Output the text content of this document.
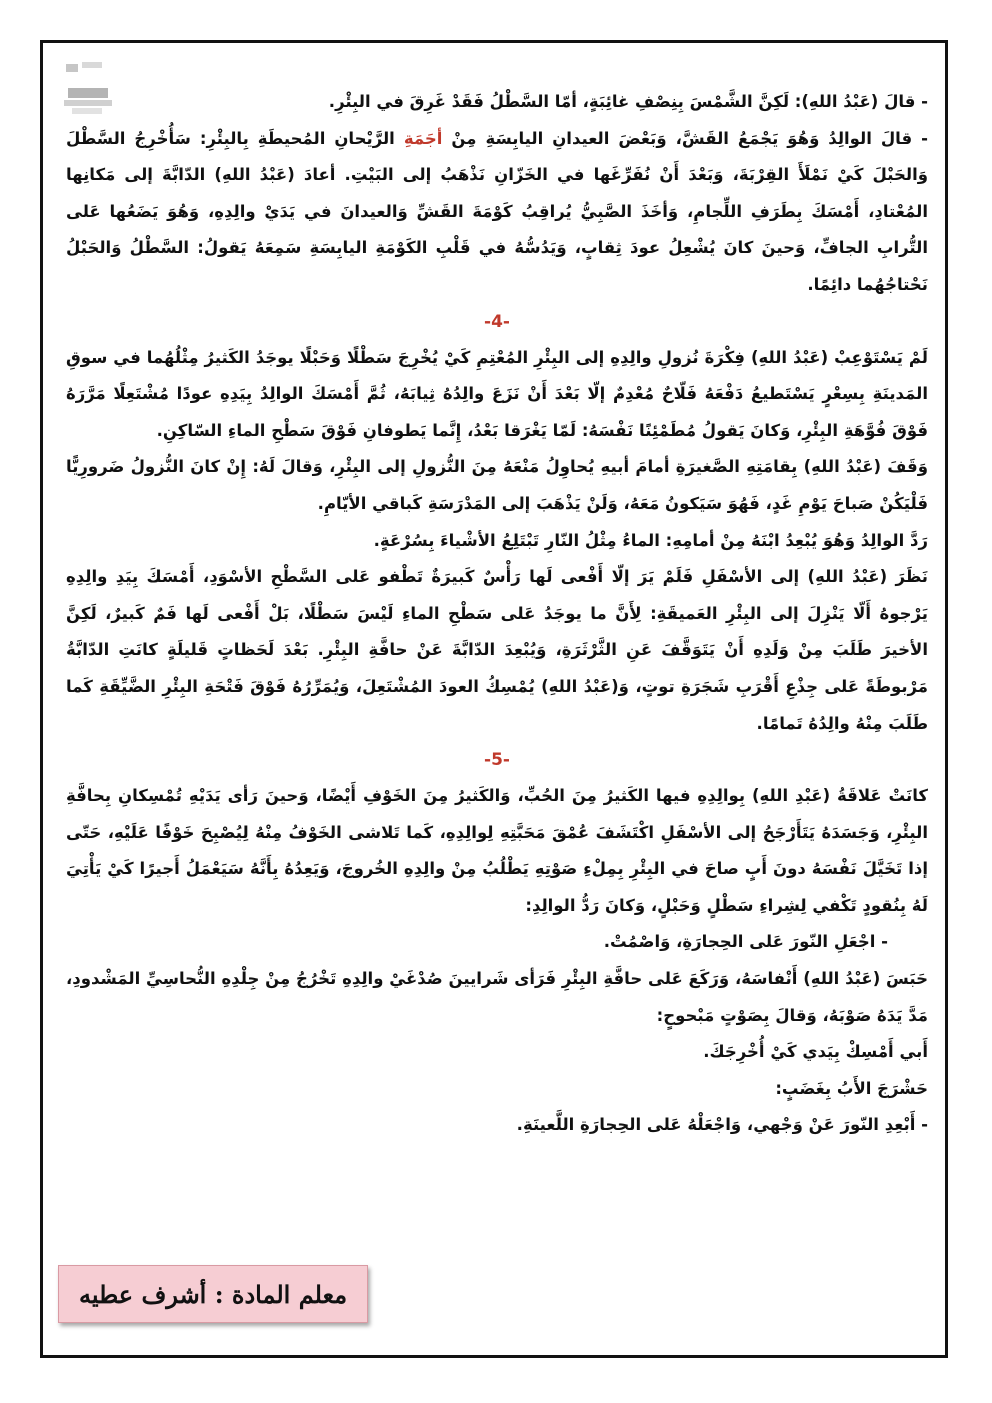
- قالَ (عَبْدُ اللهِ): لَكِنَّ الشَّمْسَ بِنِصْفِ غائِبَةٍ، أمّا السَّطْلُ فَقَدْ غَرِقَ في البِئْرِ.

- قالَ الوالِدُ وَهُوَ يَجْمَعُ القَشَّ، وَبَعْضَ العيدانِ اليابِسَةِ مِنْ أجَمَةِ الرَّيْحانِ المُحيطَةِ بِالبِئْرِ: سَأُخْرِجُ السَّطْلَ وَالحَبْلَ كَيْ نَمْلَأَ القِرْبَةَ، وَبَعْدَ أَنْ نُفَرِّغَها في الخَزّانِ نَذْهَبُ إلى البَيْتِ. أعادَ (عَبْدُ اللهِ) الدّابَّةَ إلى مَكانِها المُعْتادِ، أَمْسَكَ بِطَرَفِ اللِّجامِ، وَأخَذَ الصَّبِيُّ يُراقِبُ كَوْمَةَ القَشِّ وَالعيدانَ في يَدَيْ والِدِهِ، وَهُوَ يَضَعُها عَلى التُّرابِ الجافِّ، وَحينَ كانَ يُشْعِلُ عودَ ثِقابٍ، وَيَدُسُّهُ في قَلْبِ الكَوْمَةِ اليابِسَةِ سَمِعَهُ يَقولُ: السَّطْلُ وَالحَبْلُ نَحْتاجُهُما دائِمًا.

-4-

لَمْ يَسْتَوْعِبْ (عَبْدُ اللهِ) فِكْرَةَ نُزولِ والِدِهِ إلى البِئْرِ المُعْتِمِ كَيْ يُخْرِجَ سَطْلًا وَحَبْلًا يوجَدُ الكَثيرُ مِثْلُهُما في سوقِ المَدينَةِ بِسِعْرٍ يَسْتَطيعُ دَفْعَهُ فَلّاحٌ مُعْدِمٌ إلّا بَعْدَ أَنْ نَزَعَ والِدُهُ ثِيابَهُ، ثُمَّ أَمْسَكَ الوالِدُ بِيَدِهِ عودًا مُشْتَعِلًا مَرَّرَهُ فَوْقَ فُوَّهَةِ البِئْرِ، وَكانَ يَقولُ مُطَمْئِنًا نَفْسَهُ: لَمّا يَغْرَقا بَعْدُ، إِنَّما يَطوفانِ فَوْقَ سَطْحِ الماءِ السّاكِنِ.

وَقَفَ (عَبْدُ اللهِ) بِقامَتِهِ الصَّغيرَةِ أمامَ أبيهِ يُحاوِلُ مَنْعَهُ مِنَ النُّزولِ إلى البِئْرِ، وَقالَ لَهُ: إِنْ كانَ النُّزولُ ضَرورِيًّا فَلْيَكُنْ صَباحَ يَوْمِ غَدٍ، فَهُوَ سَيَكونُ مَعَهُ، وَلَنْ يَذْهَبَ إلى المَدْرَسَةِ كَباقي الأيّامِ.

رَدَّ الوالِدُ وَهُوَ يُبْعِدُ ابْنَهُ مِنْ أمامِهِ: الماءُ مِثْلُ النّارِ تَبْتَلِعُ الأشْياءَ بِسُرْعَةٍ.

نَظَرَ (عَبْدُ اللهِ) إلى الأسْفَلِ فَلَمْ يَرَ إلّا أَفْعى لَها رَأْسٌ كَبيرَةٌ تَطْفو عَلى السَّطْحِ الأسْوَدِ، أَمْسَكَ بِيَدِ والِدِهِ يَرْجوهُ أَلّا يَنْزِلَ إلى البِئْرِ العَميقَةِ: لِأَنَّ ما يوجَدُ عَلى سَطْحِ الماءِ لَيْسَ سَطْلًا، بَلْ أَفْعى لَها فَمٌ كَبيرٌ، لَكِنَّ الأخيرَ طَلَبَ مِنْ وَلَدِهِ أَنْ يَتَوَقَّفَ عَنِ الثَّرْثَرَةِ، وَيُبْعِدَ الدّابَّةَ عَنْ حافَّةِ البِئْرِ. بَعْدَ لَحَظاتٍ قَليلَةٍ كانَتِ الدّابَّةُ مَرْبوطَةً عَلى جِذْعِ أَقْرَبِ شَجَرَةِ توتٍ، وَ(عَبْدُ اللهِ) يُمْسِكُ العودَ المُشْتَعِلَ، وَيُمَرِّرُهُ فَوْقَ فَتْحَةِ البِئْرِ الضَّيِّقَةِ كَما طَلَبَ مِنْهُ والِدُهُ تَمامًا.

-5-

كانَتْ عَلاقَةُ (عَبْدِ اللهِ) بِوالِدِهِ فيها الكَثيرُ مِنَ الحُبِّ، وَالكَثيرُ مِنَ الخَوْفِ أَيْضًا، وَحينَ رَأى يَدَيْهِ تُمْسِكانِ بِحافَّةِ البِئْرِ، وَجَسَدَهُ يَتَأَرْجَحُ إلى الأسْفَلِ اكْتَشَفَ عُمْقَ مَحَبَّتِهِ لِوالِدِهِ، كَما تَلاشى الخَوْفُ مِنْهُ لِيُصْبِحَ خَوْفًا عَلَيْهِ، حَتّى إذا تَخَيَّلَ نَفْسَهُ دونَ أَبٍ صاحَ في البِئْرِ بِمِلْءِ صَوْتِهِ يَطْلُبُ مِنْ والِدِهِ الخُروجَ، وَيَعِدُهُ بِأَنَّهُ سَيَعْمَلُ أَجيرًا كَيْ يَأْتِيَ لَهُ بِنُقودٍ تَكْفي لِشِراءِ سَطْلٍ وَحَبْلٍ، وَكانَ رَدُّ الوالِدِ:

- اجْعَلِ النّورَ عَلى الحِجارَةِ، وَاصْمُتْ.

حَبَسَ (عَبْدُ اللهِ) أَنْفاسَهُ، وَرَكَعَ عَلى حافَّةِ البِئْرِ فَرَأى شَرايينَ صُدْغَيْ والِدِهِ تَخْرُجُ مِنْ جِلْدِهِ النُّحاسِيِّ المَشْدودِ، مَدَّ يَدَهُ صَوْبَهُ، وَقالَ بِصَوْتٍ مَبْحوحٍ:

أَبي أَمْسِكْ بِيَدي كَيْ أُخْرِجَكَ.

حَشْرَجَ الأَبُ بِغَضَبٍ:

- أَبْعِدِ النّورَ عَنْ وَجْهي، وَاجْعَلْهُ عَلى الحِجارَةِ اللَّعينَةِ.

معلم المادة : أشرف عطيه
